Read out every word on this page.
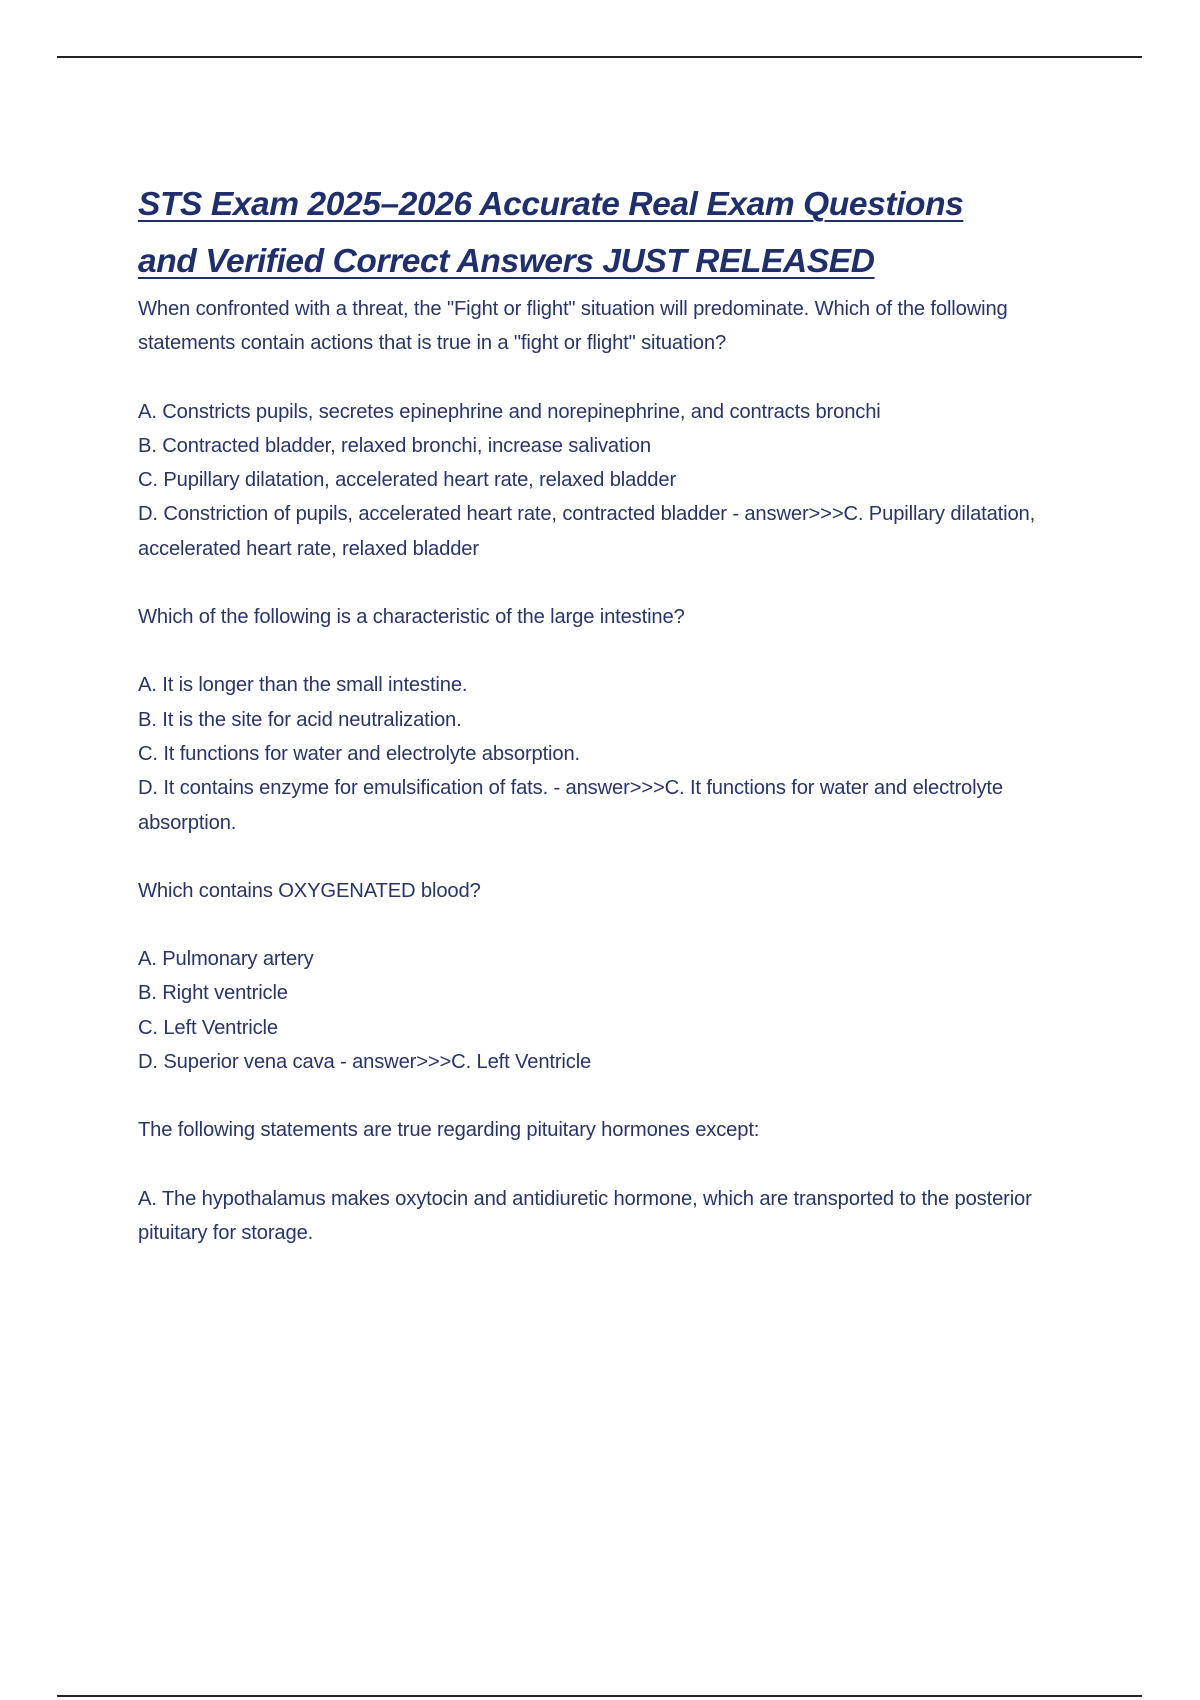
STS Exam 2025–2026 Accurate Real Exam Questions
and Verified Correct Answers JUST RELEASED

When confronted with a threat, the "Fight or flight" situation will predominate. Which of the following statements contain actions that is true in a "fight or flight" situation?

A. Constricts pupils, secretes epinephrine and norepinephrine, and contracts bronchi
B. Contracted bladder, relaxed bronchi, increase salivation
C. Pupillary dilatation, accelerated heart rate, relaxed bladder
D. Constriction of pupils, accelerated heart rate, contracted bladder - answer>>>C. Pupillary dilatation, accelerated heart rate, relaxed bladder

Which of the following is a characteristic of the large intestine?

A. It is longer than the small intestine.
B. It is the site for acid neutralization.
C. It functions for water and electrolyte absorption.
D. It contains enzyme for emulsification of fats. - answer>>>C. It functions for water and electrolyte absorption.

Which contains OXYGENATED blood?

A. Pulmonary artery
B. Right ventricle
C. Left Ventricle
D. Superior vena cava - answer>>>C. Left Ventricle

The following statements are true regarding pituitary hormones except:

A. The hypothalamus makes oxytocin and antidiuretic hormone, which are transported to the posterior pituitary for storage.
